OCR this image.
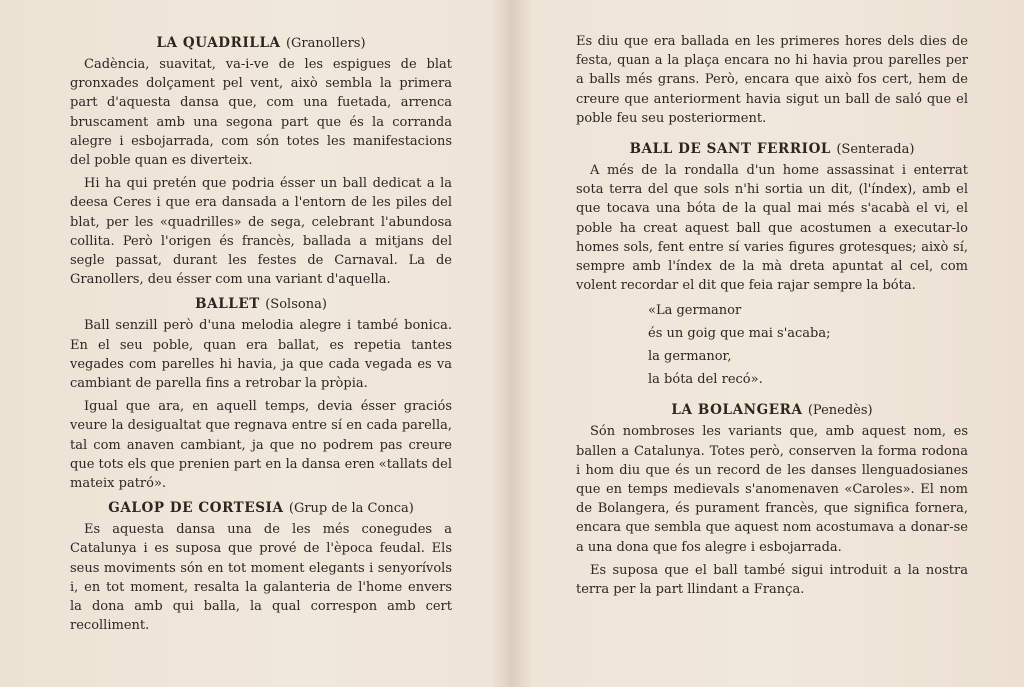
LA QUADRILLA (Granollers)

Cadència, suavitat, va-i-ve de les espigues de blat gronxades dolçament pel vent, això sembla la primera part d'aquesta dansa que, com una fuetada, arrenca bruscament amb una segona part que és la corranda alegre i esbojarrada, com són totes les manifestacions del poble quan es diverteix.

Hi ha qui pretén que podria ésser un ball dedicat a la deesa Ceres i que era dansada a l'entorn de les piles del blat, per les «quadrilles» de sega, celebrant l'abundosa collita. Però l'origen és francès, ballada a mitjans del segle passat, durant les festes de Carnaval. La de Granollers, deu ésser com una variant d'aquella.

BALLET (Solsona)

Ball senzill però d'una melodia alegre i també bonica. En el seu poble, quan era ballat, es repetia tantes vegades com parelles hi havia, ja que cada vegada es va cambiant de parella fins a retrobar la pròpia.

Igual que ara, en aquell temps, devia ésser graciós veure la desigualtat que regnava entre sí en cada parella, tal com anaven cambiant, ja que no podrem pas creure que tots els que prenien part en la dansa eren «tallats del mateix patró».

GALOP DE CORTESIA (Grup de la Conca)

Es aquesta dansa una de les més conegudes a Catalunya i es suposa que prové de l'època feudal. Els seus moviments són en tot moment elegants i senyorívols i, en tot moment, resalta la galanteria de l'home envers la dona amb qui balla, la qual correspon amb cert recolliment.

Es diu que era ballada en les primeres hores dels dies de festa, quan a la plaça encara no hi havia prou parelles per a balls més grans. Però, encara que això fos cert, hem de creure que anteriorment havia sigut un ball de saló que el poble feu seu posteriorment.

BALL DE SANT FERRIOL (Senterada)

A més de la rondalla d'un home assassinat i enterrat sota terra del que sols n'hi sortia un dit, (l'índex), amb el que tocava una bóta de la qual mai més s'acabà el vi, el poble ha creat aquest ball que acostumen a executar-lo homes sols, fent entre sí varies figures grotesques; això sí, sempre amb l'índex de la mà dreta apuntat al cel, com volent recordar el dit que feia rajar sempre la bóta.

«La germanor
és un goig que mai s'acaba;
la germanor,
la bóta del recó».
LA BOLANGERA (Penedès)

Són nombroses les variants que, amb aquest nom, es ballen a Catalunya. Totes però, conserven la forma rodona i hom diu que és un record de les danses llenguadosianes que en temps medievals s'anomenaven «Caroles». El nom de Bolangera, és purament francès, que significa fornera, encara que sembla que aquest nom acostumava a donar-se a una dona que fos alegre i esbojarrada.

Es suposa que el ball també sigui introduit a la nostra terra per la part llindant a França.
